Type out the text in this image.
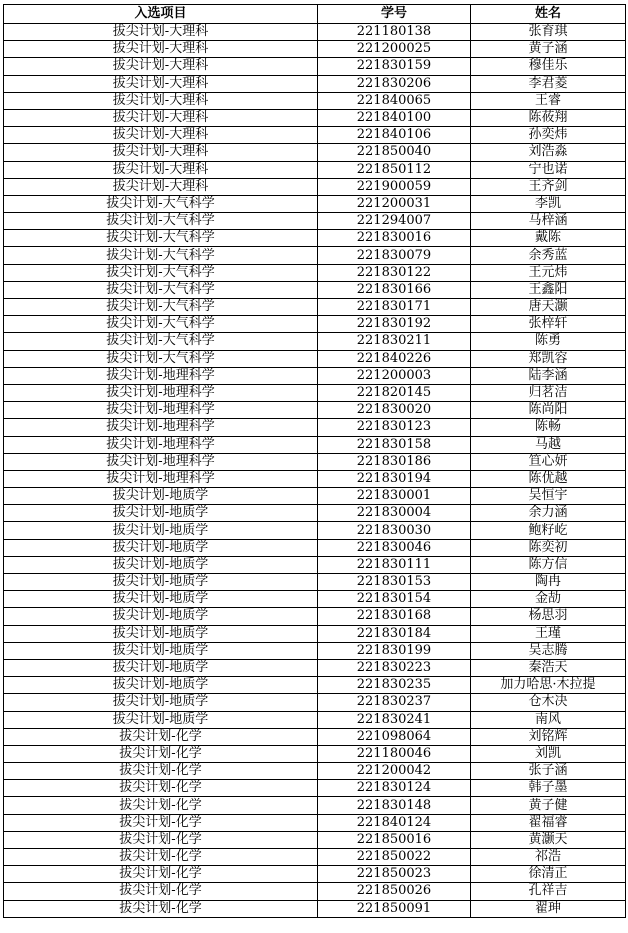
入选项目	学号	姓名
拔尖计划-大理科	221180138	张育琪
拔尖计划-大理科	221200025	黄子涵
拔尖计划-大理科	221830159	穆佳乐
拔尖计划-大理科	221830206	李君菱
拔尖计划-大理科	221840065	王睿
拔尖计划-大理科	221840100	陈莜翔
拔尖计划-大理科	221840106	孙奕炜
拔尖计划-大理科	221850040	刘浩淼
拔尖计划-大理科	221850112	宁也诺
拔尖计划-大理科	221900059	王齐剑
拔尖计划-大气科学	221200031	李凯
拔尖计划-大气科学	221294007	马梓涵
拔尖计划-大气科学	221830016	戴陈
拔尖计划-大气科学	221830079	余秀蓝
拔尖计划-大气科学	221830122	王元炜
拔尖计划-大气科学	221830166	王鑫阳
拔尖计划-大气科学	221830171	唐天灏
拔尖计划-大气科学	221830192	张梓轩
拔尖计划-大气科学	221830211	陈勇
拔尖计划-大气科学	221840226	郑凯容
拔尖计划-地理科学	221200003	陆李涵
拔尖计划-地理科学	221820145	归茗洁
拔尖计划-地理科学	221830020	陈尚阳
拔尖计划-地理科学	221830123	陈畅
拔尖计划-地理科学	221830158	马越
拔尖计划-地理科学	221830186	笪心妍
拔尖计划-地理科学	221830194	陈优越
拔尖计划-地质学	221830001	吴恒宇
拔尖计划-地质学	221830004	余力涵
拔尖计划-地质学	221830030	鲍籽屹
拔尖计划-地质学	221830046	陈奕初
拔尖计划-地质学	221830111	陈方信
拔尖计划-地质学	221830153	陶冉
拔尖计划-地质学	221830154	金劼
拔尖计划-地质学	221830168	杨思羽
拔尖计划-地质学	221830184	王瑾
拔尖计划-地质学	221830199	吴志腾
拔尖计划-地质学	221830223	秦浩天
拔尖计划-地质学	221830235	加力哈思·木拉提
拔尖计划-地质学	221830237	仓木决
拔尖计划-地质学	221830241	南风
拔尖计划-化学	221098064	刘铭辉
拔尖计划-化学	221180046	刘凯
拔尖计划-化学	221200042	张子涵
拔尖计划-化学	221830124	韩子墨
拔尖计划-化学	221830148	黄子健
拔尖计划-化学	221840124	翟福睿
拔尖计划-化学	221850016	黄灏天
拔尖计划-化学	221850022	祁浩
拔尖计划-化学	221850023	徐清正
拔尖计划-化学	221850026	孔祥吉
拔尖计划-化学	221850091	翟珅
